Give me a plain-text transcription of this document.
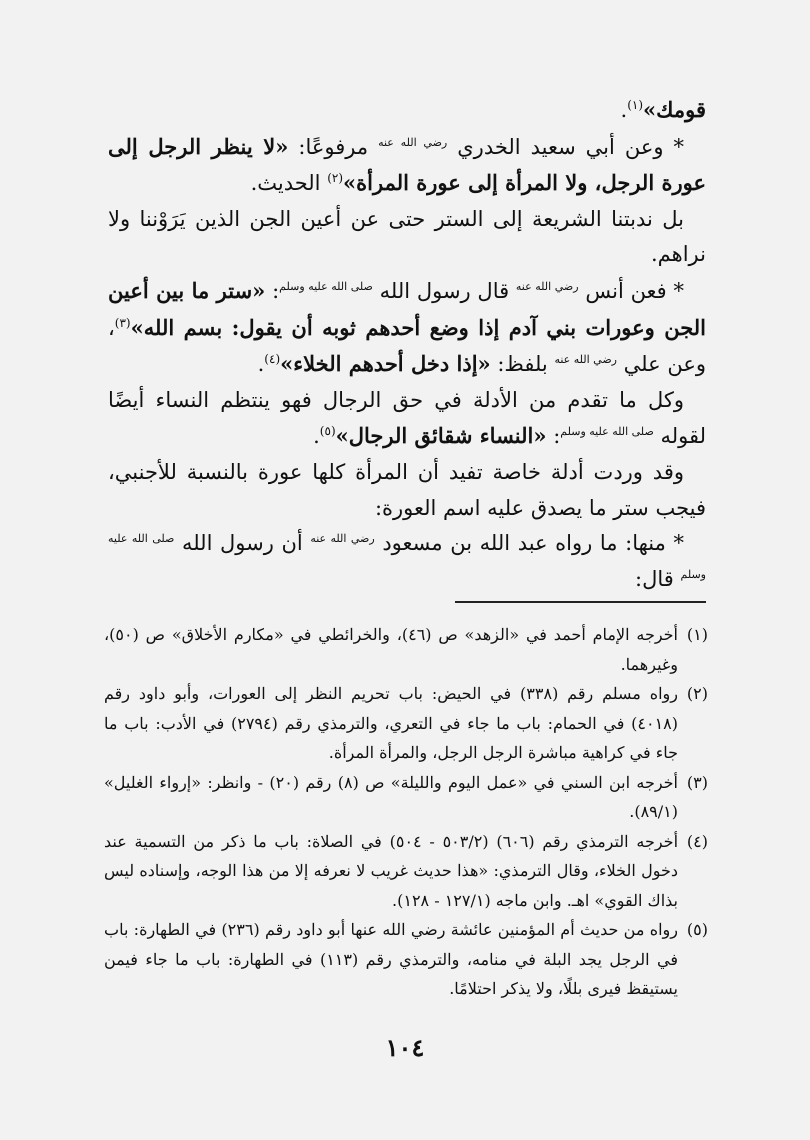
قومك»$^{(١)}$.

* وعن أبي سعيد الخدري $^{رضي الله عنه}$ مرفوعًا: «لا ينظر الرجل إلى عورة الرجل، ولا المرأة إلى عورة المرأة»$^{(٢)}$ الحديث.

بل ندبتنا الشريعة إلى الستر حتى عن أعين الجن الذين يَرَوْننا ولا نراهم.

* فعن أنس $^{رضي الله عنه}$ قال رسول الله $^{صلى الله عليه وسلم}$: «ستر ما بين أعين الجن وعورات بني آدم إذا وضع أحدهم ثوبه أن يقول: بسم الله»$^{(٣)}$، وعن علي $^{رضي الله عنه}$ بلفظ: «إذا دخل أحدهم الخلاء»$^{(٤)}$.

وكل ما تقدم من الأدلة في حق الرجال فهو ينتظم النساء أيضًا لقوله $^{صلى الله عليه وسلم}$: «النساء شقائق الرجال»$^{(٥)}$.

وقد وردت أدلة خاصة تفيد أن المرأة كلها عورة بالنسبة للأجنبي، فيجب ستر ما يصدق عليه اسم العورة:

* منها: ما رواه عبد الله بن مسعود $^{رضي الله عنه}$ أن رسول الله $^{صلى الله عليه وسلم}$ قال:

(١)
أخرجه الإمام أحمد في «الزهد» ص (٤٦)، والخرائطي في «مكارم الأخلاق» ص (٥٠)، وغيرهما.

(٢)
رواه مسلم رقم (٣٣٨) في الحيض: باب تحريم النظر إلى العورات، وأبو داود رقم (٤٠١٨) في الحمام: باب ما جاء في التعري، والترمذي رقم (٢٧٩٤) في الأدب: باب ما جاء في كراهية مباشرة الرجل الرجل، والمرأة المرأة.

(٣)
أخرجه ابن السني في «عمل اليوم والليلة» ص (٨) رقم (٢٠) - وانظر: «إرواء الغليل» (٨٩/١).

(٤)
أخرجه الترمذي رقم (٦٠٦) (٥٠٣/٢ - ٥٠٤) في الصلاة: باب ما ذكر من التسمية عند دخول الخلاء، وقال الترمذي: «هذا حديث غريب لا نعرفه إلا من هذا الوجه، وإسناده ليس بذاك القوي» اهـ. وابن ماجه (١٢٧/١ - ١٢٨).

(٥)
رواه من حديث أم المؤمنين عائشة رضي الله عنها أبو داود رقم (٢٣٦) في الطهارة: باب في الرجل يجد البلة في منامه، والترمذي رقم (١١٣) في الطهارة: باب ما جاء فيمن يستيقظ فيرى بللًا، ولا يذكر احتلامًا.

١٠٤
